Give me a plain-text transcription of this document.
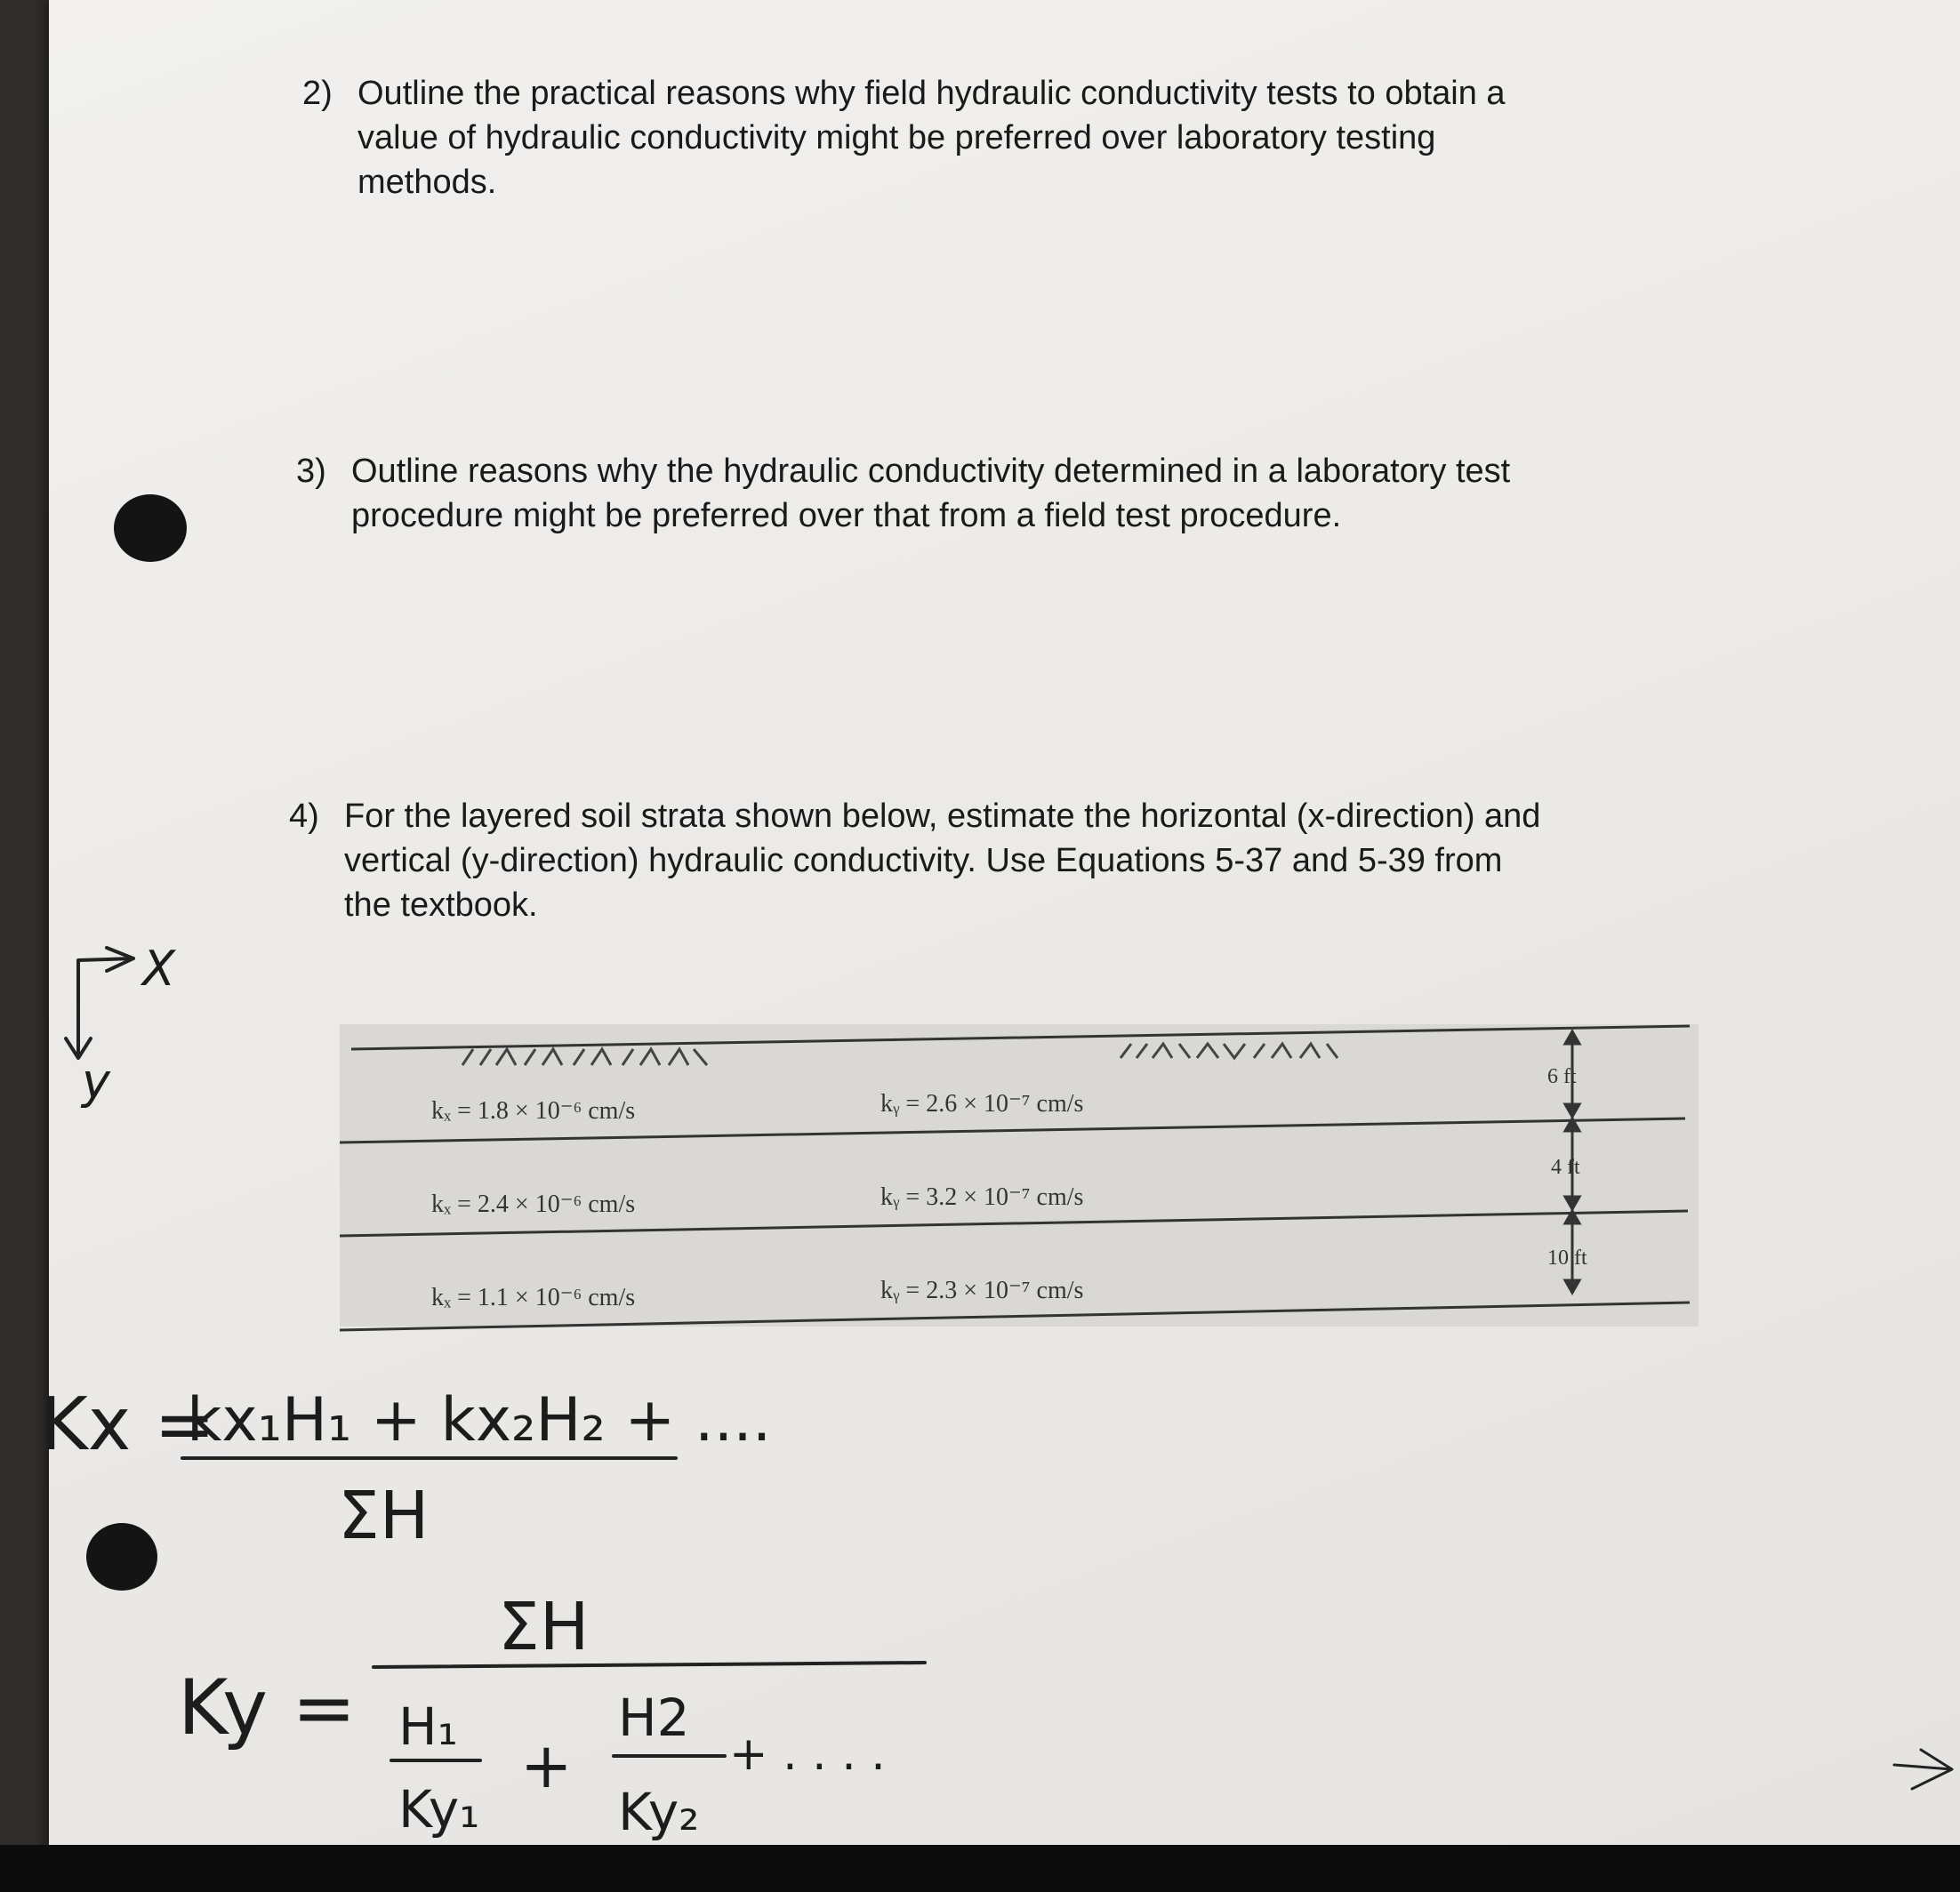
2) Outline the practical reasons why field hydraulic conductivity tests to obtain a
value of hydraulic conductivity might be preferred over laboratory testing
methods.
3) Outline reasons why the hydraulic conductivity determined in a laboratory test
procedure might be preferred over that from a field test procedure.
4) For the layered soil strata shown below, estimate the horizontal (x-direction) and
vertical (y-direction) hydraulic conductivity. Use Equations 5-37 and 5-39 from
the textbook.
kₓ = 1.8 × 10⁻⁶ cm/s	kᵧ = 2.6 × 10⁻⁷ cm/s
kₓ = 2.4 × 10⁻⁶ cm/s	kᵧ = 3.2 × 10⁻⁷ cm/s
kₓ = 1.1 × 10⁻⁶ cm/s	kᵧ = 2.3 × 10⁻⁷ cm/s
6 ft
4 ft
10 ft
X
y
Kx =
kx₁H₁ + kx₂H₂ + ....
ΣH
ΣH
Ky = H₁
Ky₁
+
H2
Ky₂
+ . . . .
